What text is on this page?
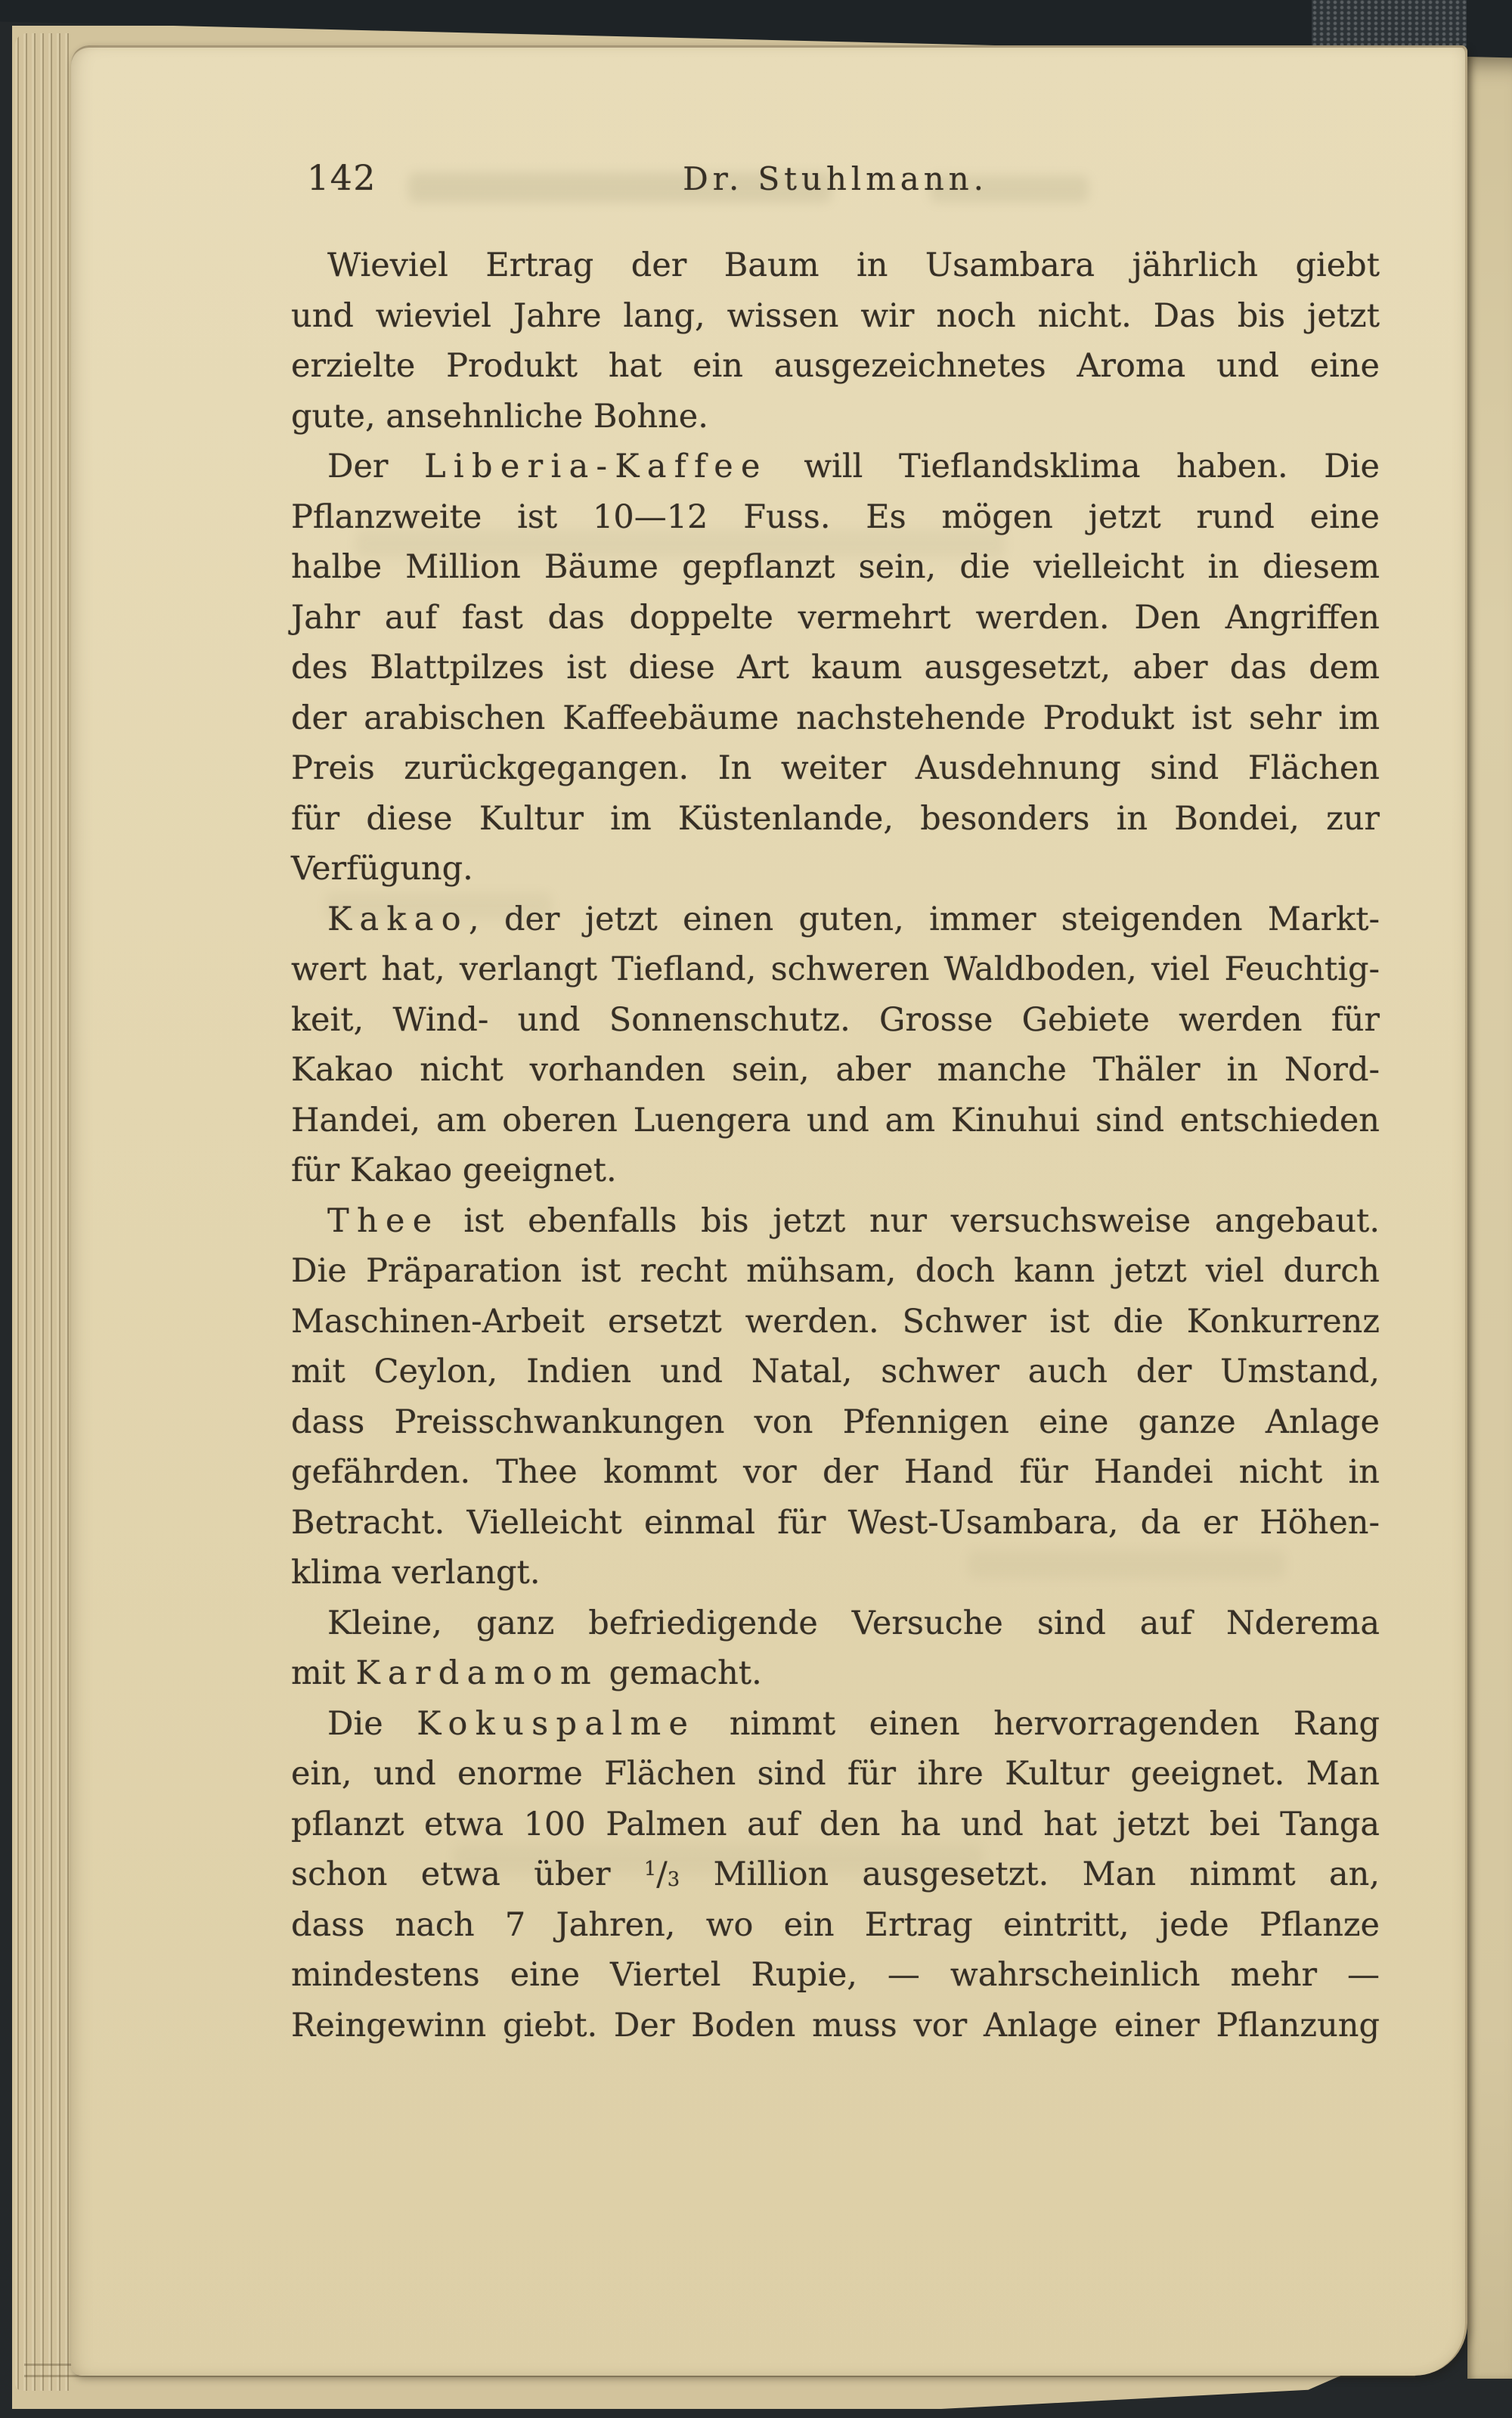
142	Dr. Stuhlmann.
Wieviel Ertrag der Baum in Usambara jährlich giebt
und wieviel Jahre lang, wissen wir noch nicht. Das bis jetzt
erzielte Produkt hat ein ausgezeichnetes Aroma und eine
gute, ansehnliche Bohne.
Der Liberia-Kaffee will Tieflandsklima haben. Die
Pflanzweite ist 10—12 Fuss. Es mögen jetzt rund eine
halbe Million Bäume gepflanzt sein, die vielleicht in diesem
Jahr auf fast das doppelte vermehrt werden. Den Angriffen
des Blattpilzes ist diese Art kaum ausgesetzt, aber das dem
der arabischen Kaffeebäume nachstehende Produkt ist sehr im
Preis zurückgegangen. In weiter Ausdehnung sind Flächen
für diese Kultur im Küstenlande, besonders in Bondei, zur
Verfügung.
Kakao, der jetzt einen guten, immer steigenden Markt-
wert hat, verlangt Tiefland, schweren Waldboden, viel Feuchtig-
keit, Wind- und Sonnenschutz. Grosse Gebiete werden für
Kakao nicht vorhanden sein, aber manche Thäler in Nord-
Handei, am oberen Luengera und am Kinuhui sind entschieden
für Kakao geeignet.
Thee ist ebenfalls bis jetzt nur versuchsweise angebaut.
Die Präparation ist recht mühsam, doch kann jetzt viel durch
Maschinen-Arbeit ersetzt werden. Schwer ist die Konkurrenz
mit Ceylon, Indien und Natal, schwer auch der Umstand,
dass Preisschwankungen von Pfennigen eine ganze Anlage
gefährden. Thee kommt vor der Hand für Handei nicht in
Betracht. Vielleicht einmal für West-Usambara, da er Höhen-
klima verlangt.
Kleine, ganz befriedigende Versuche sind auf Nderema
mit Kardamom gemacht.
Die Kokuspalme nimmt einen hervorragenden Rang
ein, und enorme Flächen sind für ihre Kultur geeignet. Man
pflanzt etwa 100 Palmen auf den ha und hat jetzt bei Tanga
schon etwa über $^1$/3 Million ausgesetzt. Man nimmt an,
dass nach 7 Jahren, wo ein Ertrag eintritt, jede Pflanze
mindestens eine Viertel Rupie, — wahrscheinlich mehr —
Reingewinn giebt. Der Boden muss vor Anlage einer Pflanzung
